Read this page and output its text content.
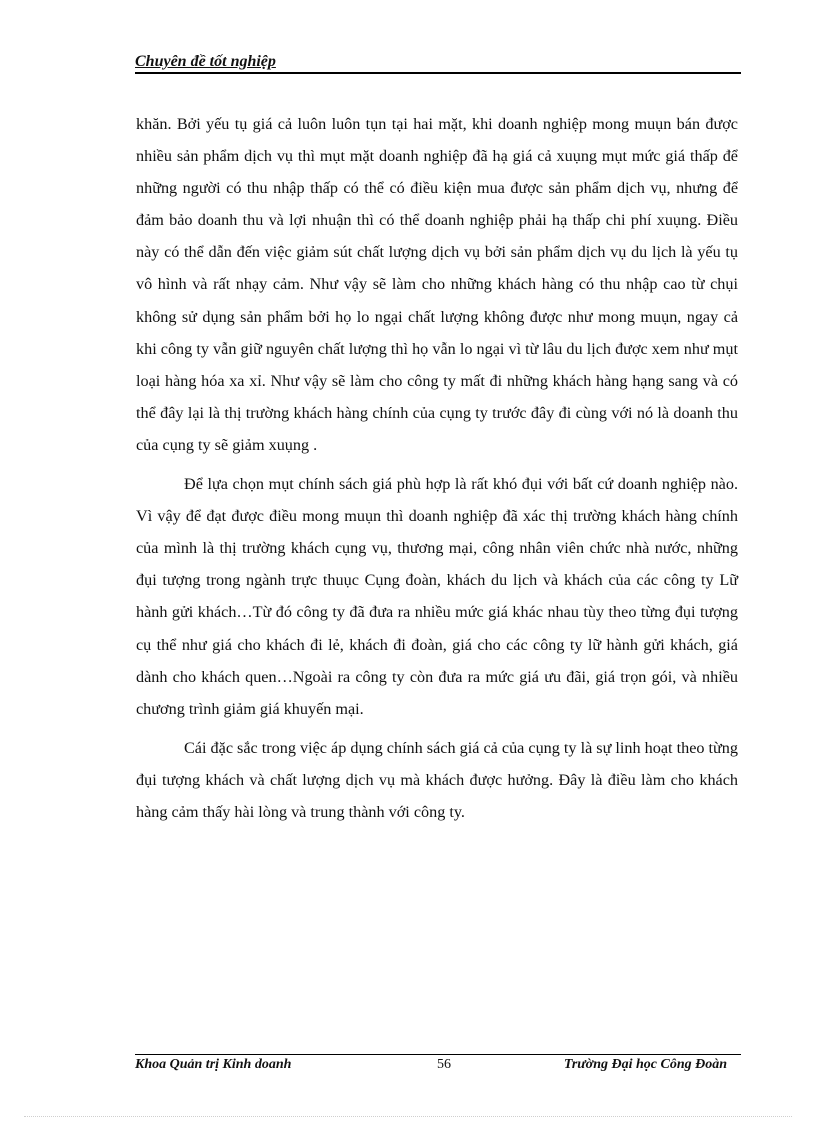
Chuyên đề tốt nghiệp

khăn. Bởi yếu tụ giá cả luôn luôn tụn tại hai mặt, khi doanh nghiệp mong muụn bán được nhiều sản phẩm dịch vụ thì mụt mặt doanh nghiệp đã hạ giá cả xuụng mụt mức giá thấp để những người có thu nhập thấp có thể có điều kiện mua được sản phẩm dịch vụ, nhưng để đảm bảo doanh thu và lợi nhuận thì có thể doanh nghiệp phải hạ thấp chi phí xuụng. Điều này có thể dẫn đến việc giảm sút chất lượng dịch vụ bởi sản phẩm dịch vụ du lịch là yếu tụ vô hình và rất nhạy cảm. Như vậy sẽ làm cho những khách hàng có thu nhập cao từ chụi không sử dụng sản phẩm bởi họ lo ngại chất lượng không được như mong muụn, ngay cả khi công ty vẫn giữ nguyên chất lượng thì họ vẫn lo ngại vì từ lâu du lịch được xem như mụt loại hàng hóa xa xỉ. Như vậy sẽ làm cho công ty mất đi những khách hàng hạng sang và có thể đây lại là thị trường khách hàng chính của cụng ty trước đây đi cùng với nó là doanh thu của cụng ty sẽ giảm xuụng .

Để lựa chọn mụt chính sách giá phù hợp là rất khó đụi với bất cứ doanh nghiệp nào. Vì vậy để đạt được điều mong muụn thì doanh nghiệp đã xác thị trường khách hàng chính của mình là thị trường khách cụng vụ, thương mại, công nhân viên chức nhà nước, những đụi tượng trong ngành trực thuục Cụng đoàn, khách du lịch và khách của các công ty Lữ hành gửi khách…Từ đó công ty đã đưa ra nhiều mức giá khác nhau tùy theo từng đụi tượng cụ thể như giá cho khách đi lẻ, khách đi đoàn, giá cho các công ty lữ hành gửi khách, giá dành cho khách quen…Ngoài ra công ty còn đưa ra mức giá ưu đãi, giá trọn gói, và nhiều chương trình giảm giá khuyến mại.

Cái đặc sắc trong việc áp dụng chính sách giá cả của cụng ty là sự linh hoạt theo từng đụi tượng khách và chất lượng dịch vụ mà khách được hưởng. Đây là điều làm cho khách hàng cảm thấy hài lòng và trung thành với công ty.

Khoa Quản trị Kinh doanh	56	Trường Đại học Công Đoàn
